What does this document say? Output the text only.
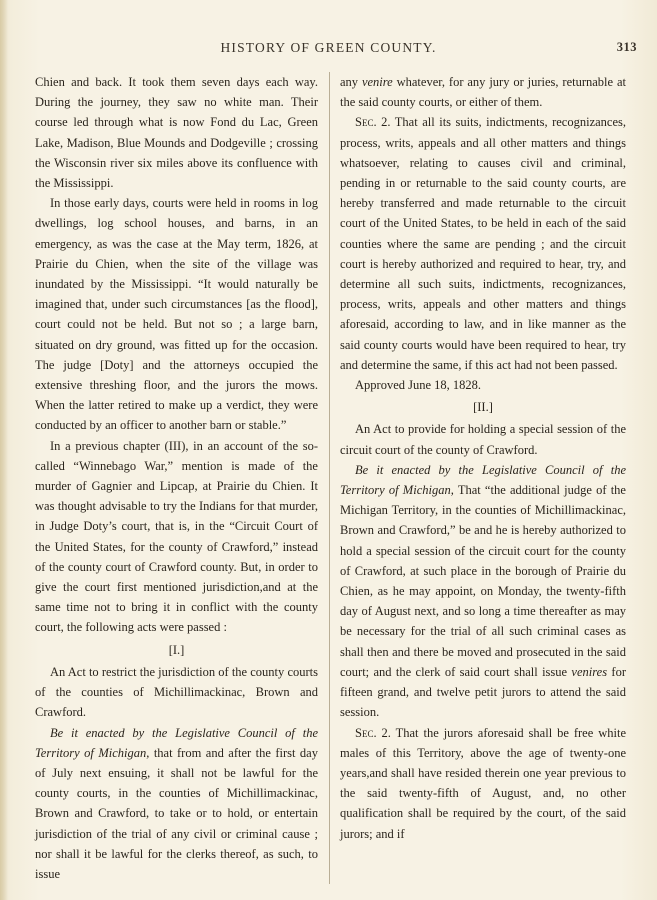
HISTORY OF GREEN COUNTY.	313

Chien and back. It took them seven days each way. During the journey, they saw no white man. Their course led through what is now Fond du Lac, Green Lake, Madison, Blue Mounds and Dodgeville ; crossing the Wisconsin river six miles above its confluence with the Mississippi.

In those early days, courts were held in rooms in log dwellings, log school houses, and barns, in an emergency, as was the case at the May term, 1826, at Prairie du Chien, when the site of the village was inundated by the Mississippi. “It would naturally be imagined that, under such circumstances [as the flood], court could not be held. But not so ; a large barn, situated on dry ground, was fitted up for the occasion. The judge [Doty] and the attorneys occupied the extensive threshing floor, and the jurors the mows. When the latter retired to make up a verdict, they were conducted by an officer to another barn or stable.”

In a previous chapter (III), in an account of the so-called “Winnebago War,” mention is made of the murder of Gagnier and Lipcap, at Prairie du Chien. It was thought advisable to try the Indians for that murder, in Judge Doty’s court, that is, in the “Circuit Court of the United States, for the county of Crawford,” instead of the county court of Crawford county. But, in order to give the court first mentioned jurisdiction,and at the same time not to bring it in conflict with the county court, the following acts were passed :

[I.]

An Act to restrict the jurisdiction of the county courts of the counties of Michillimackinac, Brown and Crawford.

Be it enacted by the Legislative Council of the Territory of Michigan, that from and after the first day of July next ensuing, it shall not be lawful for the county courts, in the counties of Michillimackinac, Brown and Crawford, to take or to hold, or entertain jurisdiction of the trial of any civil or criminal cause ; nor shall it be lawful for the clerks thereof, as such, to issue

any venire whatever, for any jury or juries, returnable at the said county courts, or either of them.

Sec. 2. That all its suits, indictments, recognizances, process, writs, appeals and all other matters and things whatsoever, relating to causes civil and criminal, pending in or returnable to the said county courts, are hereby transferred and made returnable to the circuit court of the United States, to be held in each of the said counties where the same are pending ; and the circuit court is hereby authorized and required to hear, try, and determine all such suits, indictments, recognizances, process, writs, appeals and other matters and things aforesaid, according to law, and in like manner as the said county courts would have been required to hear, try and determine the same, if this act had not been passed.

Approved June 18, 1828.

[II.]

An Act to provide for holding a special session of the circuit court of the county of Crawford.

Be it enacted by the Legislative Council of the Territory of Michigan, That “the additional judge of the Michigan Territory, in the counties of Michillimackinac, Brown and Crawford,” be and he is hereby authorized to hold a special session of the circuit court for the county of Crawford, at such place in the borough of Prairie du Chien, as he may appoint, on Monday, the twenty-fifth day of August next, and so long a time thereafter as may be necessary for the trial of all such criminal cases as shall then and there be moved and prosecuted in the said court; and the clerk of said court shall issue venires for fifteen grand, and twelve petit jurors to attend the said session.

Sec. 2. That the jurors aforesaid shall be free white males of this Territory, above the age of twenty-one years,and shall have resided therein one year previous to the said twenty-fifth of August, and, no other qualification shall be required by the court, of the said jurors; and if
